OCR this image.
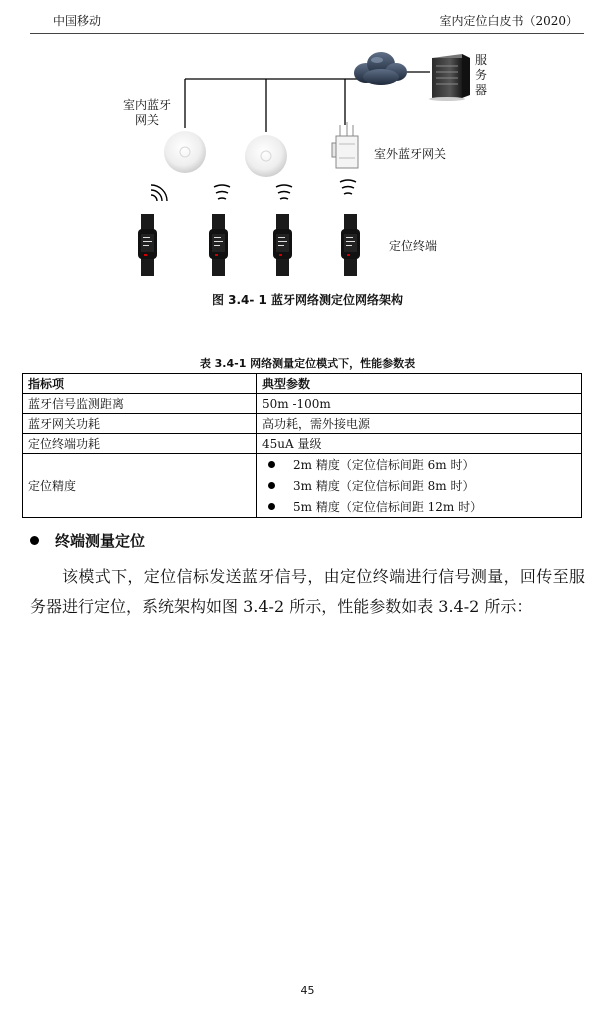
中国移动	室内定位白皮书（2020）
室内蓝牙
网关
服
务
器
室外蓝牙网关
定位终端
图 3.4- 1 蓝牙网络测定位网络架构
表 3.4-1 网络测量定位模式下，性能参数表
指标项	典型参数
蓝牙信号监测距离	50m -100m
蓝牙网关功耗	高功耗，需外接电源
定位终端功耗	45uA 量级
定位精度	2m 精度（定位信标间距 6m 时）
3m 精度（定位信标间距 8m 时）
5m 精度（定位信标间距 12m 时）
终端测量定位

该模式下，定位信标发送蓝牙信号，由定位终端进行信号测量，回传至服务器进行定位，系统架构如图 3.4-2 所示，性能参数如表 3.4-2 所示：

45
